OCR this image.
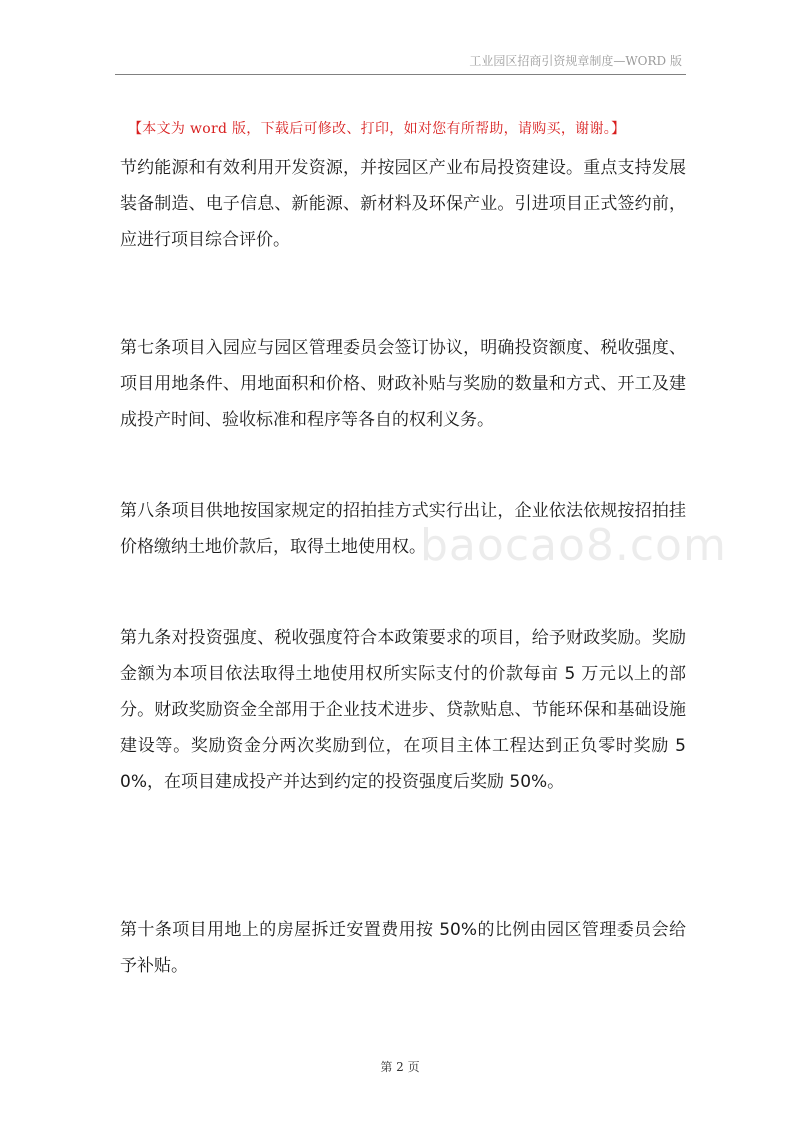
工业园区招商引资规章制度—WORD 版
【本文为 word 版，下载后可修改、打印，如对您有所帮助，请购买，谢谢。】

节约能源和有效利用开发资源，并按园区产业布局投资建设。重点支持发展装备制造、电子信息、新能源、新材料及环保产业。引进项目正式签约前，应进行项目综合评价。

第七条项目入园应与园区管理委员会签订协议，明确投资额度、税收强度、项目用地条件、用地面积和价格、财政补贴与奖励的数量和方式、开工及建成投产时间、验收标准和程序等各自的权利义务。

第八条项目供地按国家规定的招拍挂方式实行出让，企业依法依规按招拍挂价格缴纳土地价款后，取得土地使用权。

第九条对投资强度、税收强度符合本政策要求的项目，给予财政奖励。奖励金额为本项目依法取得土地使用权所实际支付的价款每亩 5 万元以上的部分。财政奖励资金全部用于企业技术进步、贷款贴息、节能环保和基础设施建设等。奖励资金分两次奖励到位，在项目主体工程达到正负零时奖励 50%，在项目建成投产并达到约定的投资强度后奖励 50%。

第十条项目用地上的房屋拆迁安置费用按 50%的比例由园区管理委员会给予补贴。

baocao8.com
第 2 页
